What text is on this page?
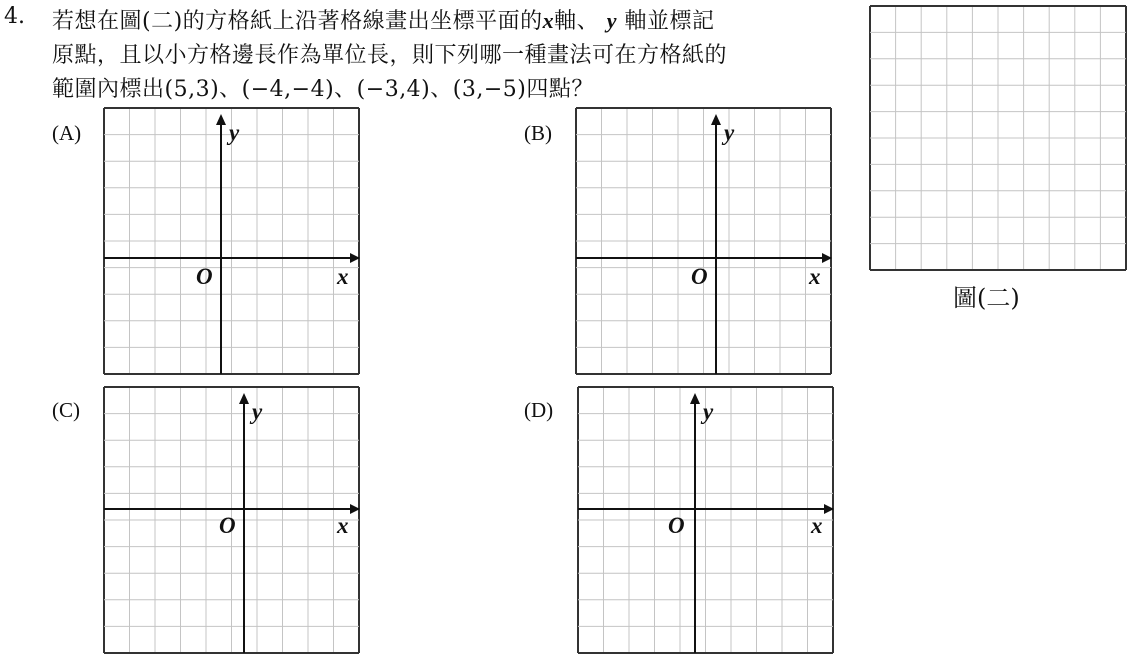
4. 若想在圖(二)的方格紙上沿著格線畫出坐標平面的x軸、 y 軸並標記
原點，且以小方格邊長作為單位長，則下列哪一種畫法可在方格紙的
範圍內標出(5,3)、(−4,−4)、(−3,4)、(3,−5)四點？
(A)	(B)
(C)	(D)
y
O	x
y
O	x
y
O	x
y
O	x
圖(二)
